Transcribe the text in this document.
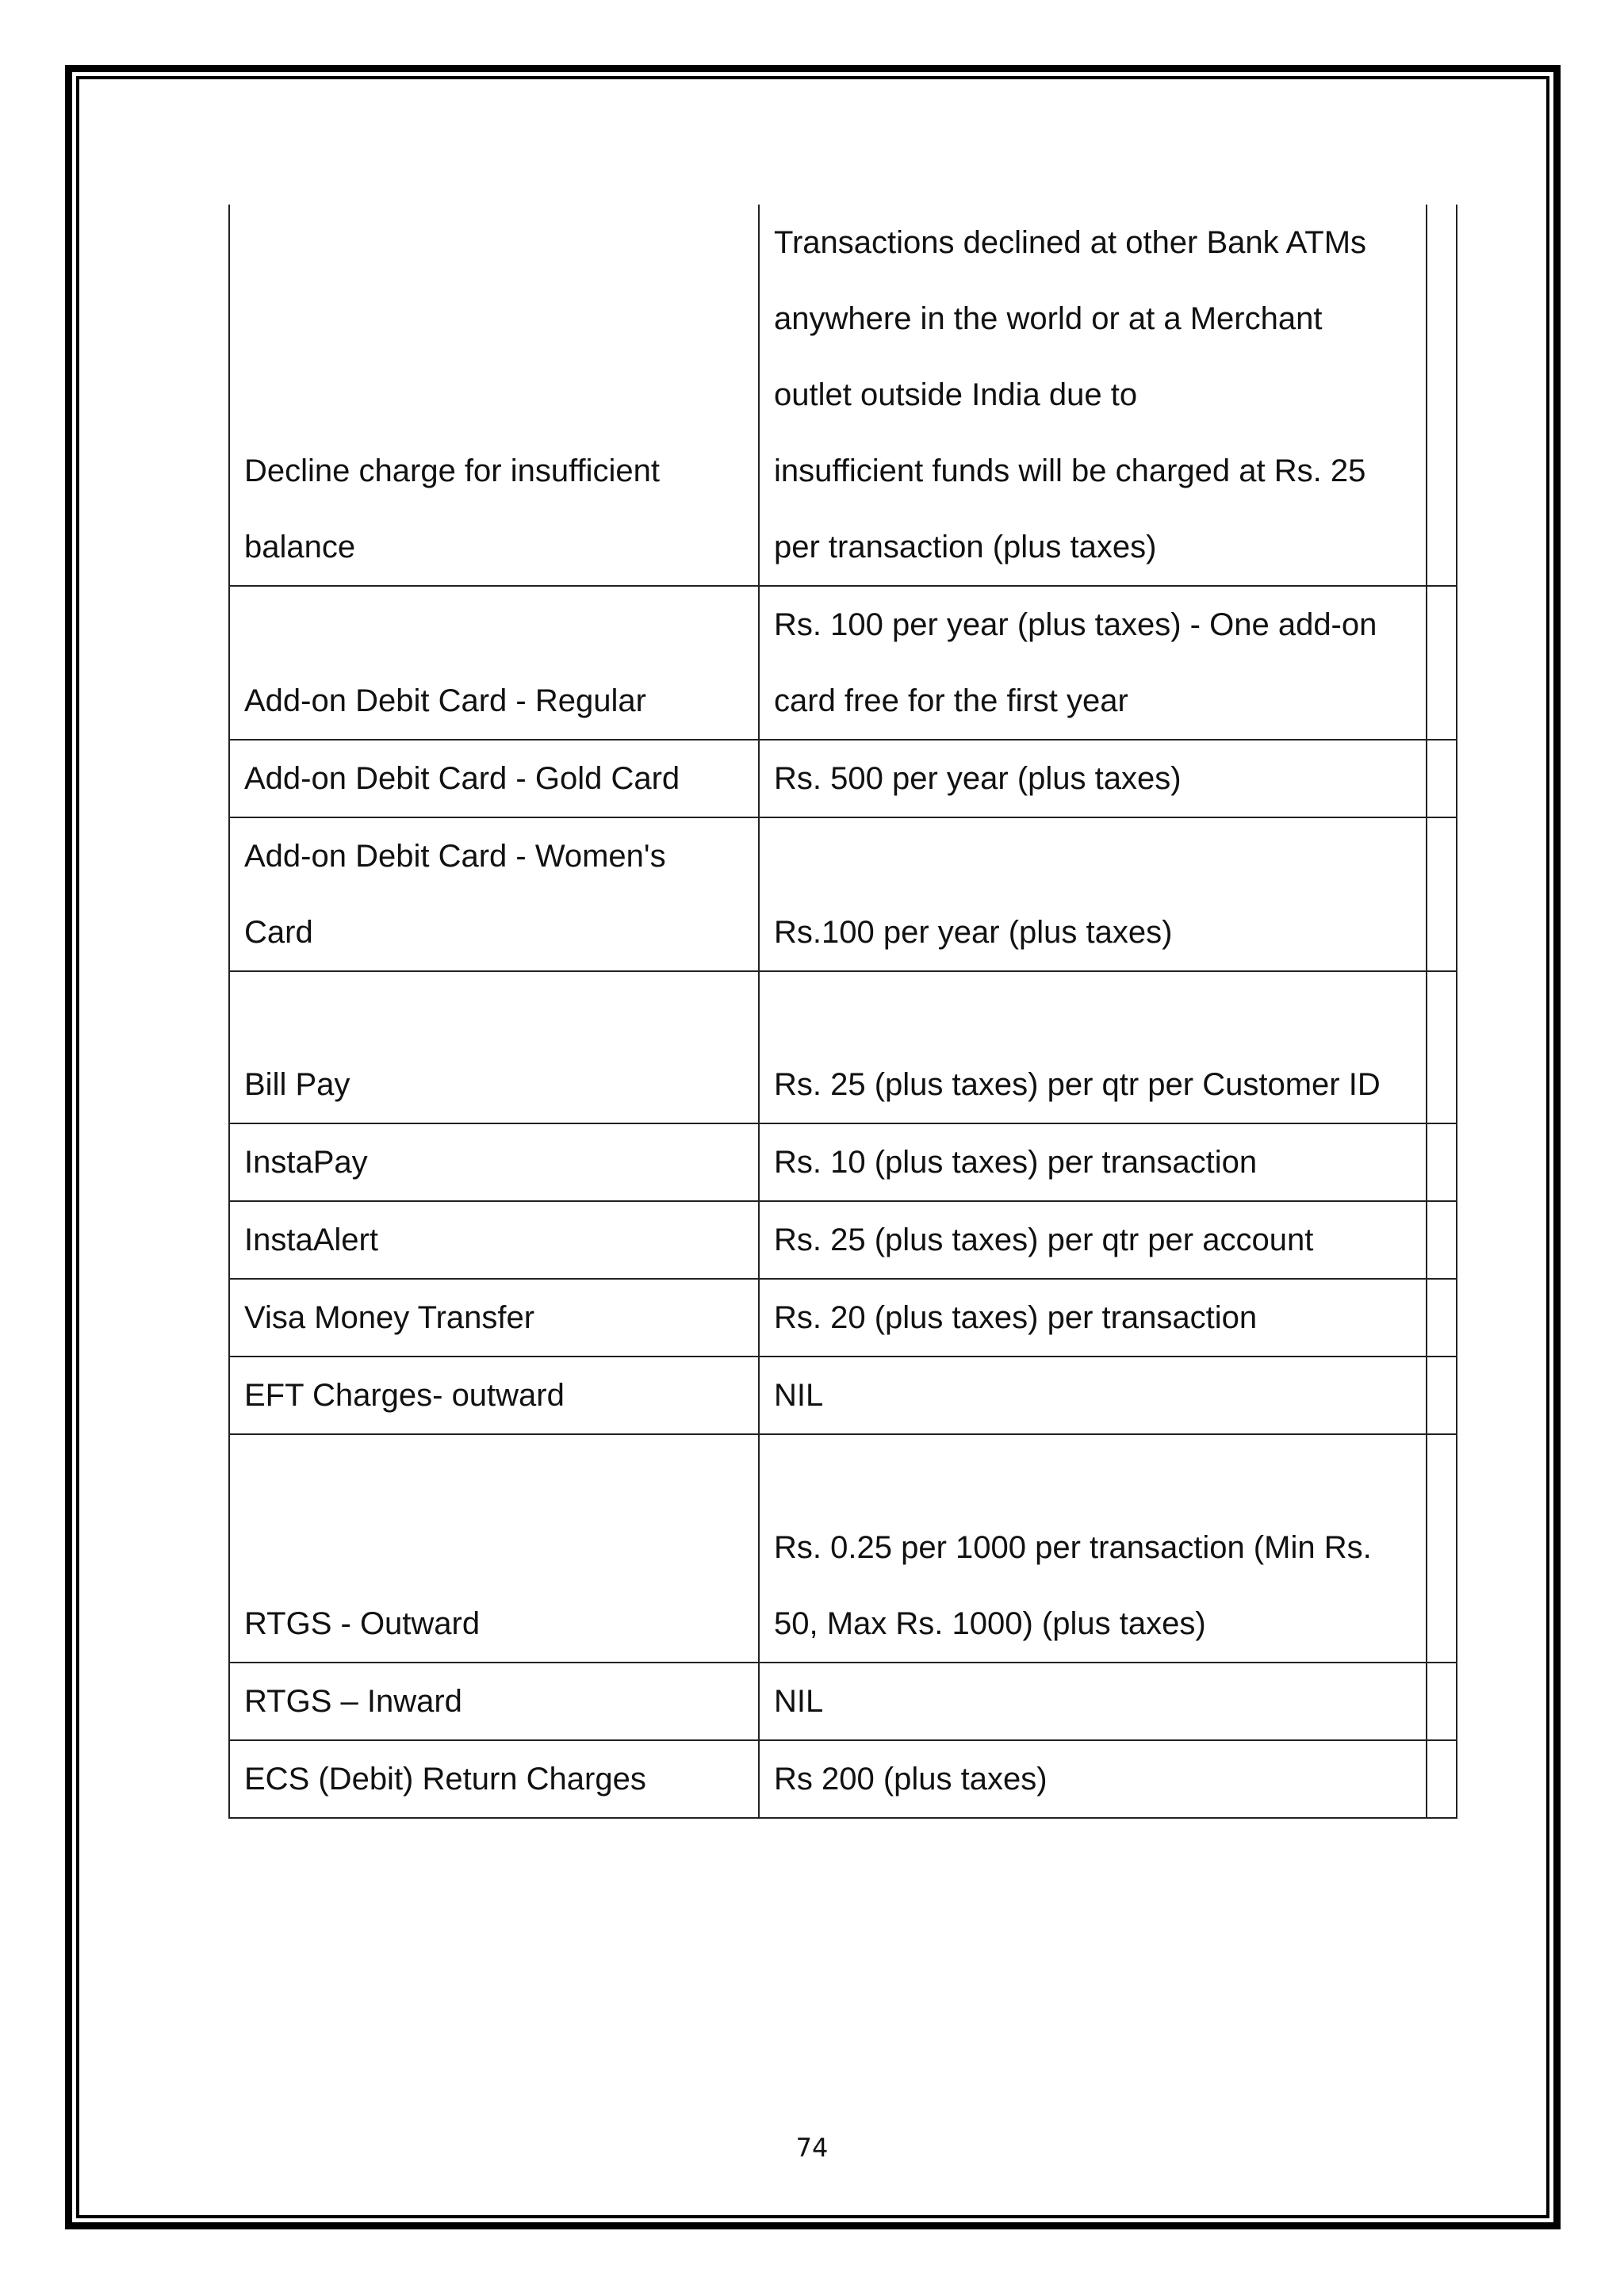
Decline charge for insufficient
balance	Transactions declined at other Bank ATMs
anywhere in the world or at a Merchant
outlet outside India due to
insufficient funds will be charged at Rs. 25
per transaction (plus taxes)	

Add-on Debit Card - Regular	Rs. 100 per year (plus taxes) - One add-on
card free for the first year	

Add-on Debit Card - Gold Card	Rs. 500 per year (plus taxes)	

Add-on Debit Card - Women's
Card	Rs.100 per year (plus taxes)	

Bill Pay	Rs. 25 (plus taxes) per qtr per Customer ID	

InstaPay	Rs. 10 (plus taxes) per transaction	

InstaAlert	Rs. 25 (plus taxes) per qtr per account	

Visa Money Transfer	Rs. 20 (plus taxes) per transaction	

EFT Charges- outward	NIL	

RTGS - Outward	Rs. 0.25 per 1000 per transaction (Min Rs.
50, Max Rs. 1000) (plus taxes)	

RTGS – Inward	NIL	

ECS (Debit) Return Charges	Rs 200 (plus taxes)	

74
